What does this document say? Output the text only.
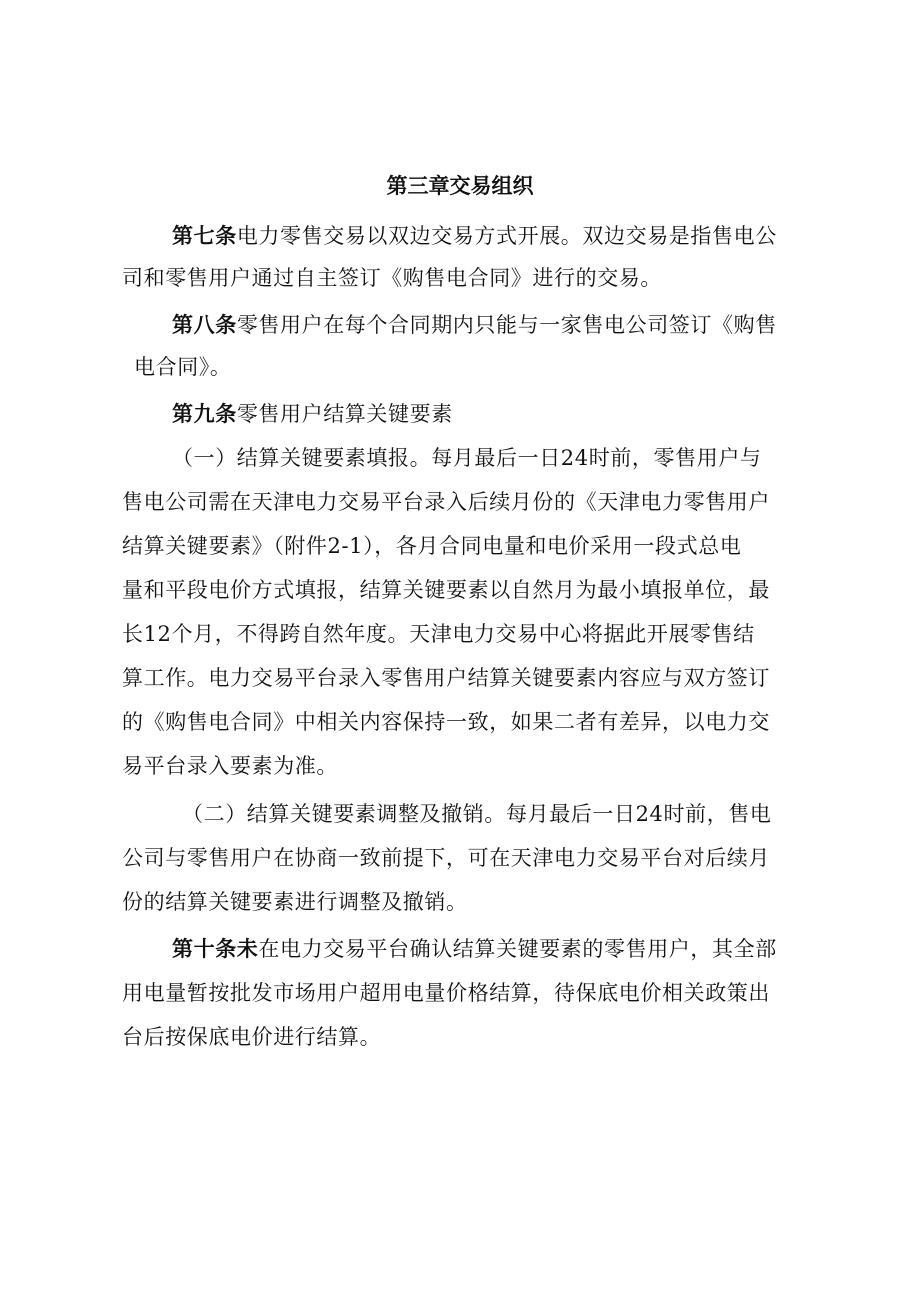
第三章交易组织
第七条电力零售交易以双边交易方式开展。双边交易是指售电公
司和零售用户通过自主签订《购售电合同》进行的交易。
第八条零售用户在每个合同期内只能与一家售电公司签订《购售
电合同》。
第九条零售用户结算关键要素
（一）结算关键要素填报。每月最后一日24时前，零售用户与
售电公司需在天津电力交易平台录入后续月份的《天津电力零售用户
结算关键要素》（附件2-1），各月合同电量和电价采用一段式总电
量和平段电价方式填报，结算关键要素以自然月为最小填报单位，最
长12个月，不得跨自然年度。天津电力交易中心将据此开展零售结
算工作。电力交易平台录入零售用户结算关键要素内容应与双方签订
的《购售电合同》中相关内容保持一致，如果二者有差异，以电力交
易平台录入要素为准。
（二）结算关键要素调整及撤销。每月最后一日24时前，售电
公司与零售用户在协商一致前提下，可在天津电力交易平台对后续月
份的结算关键要素进行调整及撤销。
第十条未在电力交易平台确认结算关键要素的零售用户，其全部
用电量暂按批发市场用户超用电量价格结算，待保底电价相关政策出
台后按保底电价进行结算。
